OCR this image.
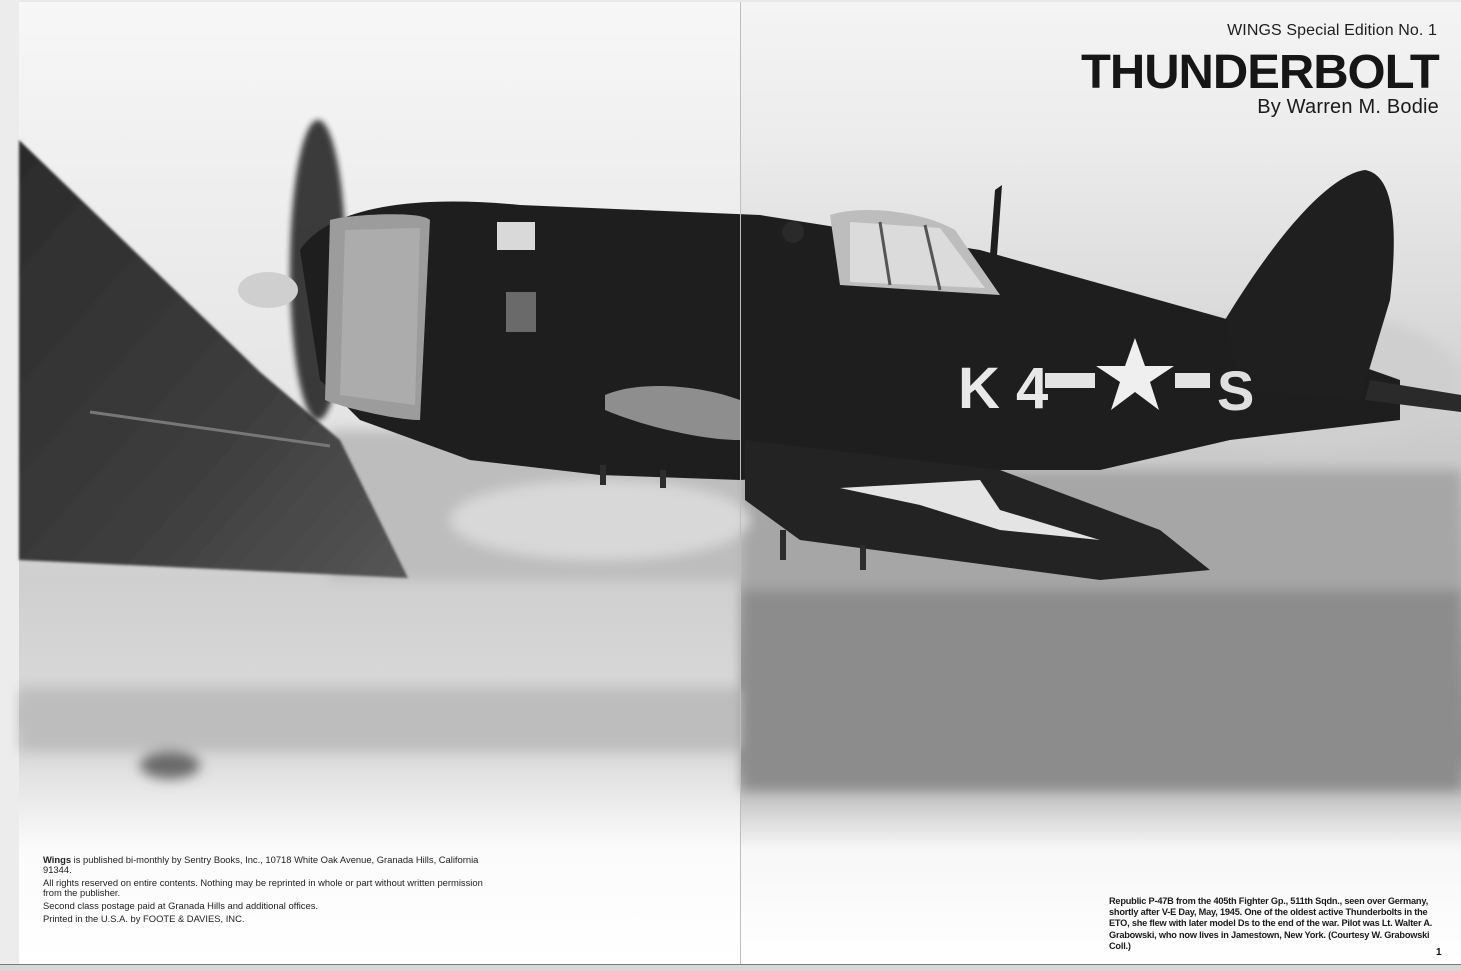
K 4	S
WINGS Special Edition No. 1
THUNDERBOLT
By Warren M. Bodie

Wings is published bi-monthly by Sentry Books, Inc., 10718 White Oak Avenue, Granada Hills, California 91344.

All rights reserved on entire contents. Nothing may be reprinted in whole or part without written permission from the publisher.

Second class postage paid at Granada Hills and additional offices.

Printed in the U.S.A. by FOOTE & DAVIES, INC.

Republic P-47B from the 405th Fighter Gp., 511th Sqdn., seen over Germany, shortly after V-E Day, May, 1945. One of the oldest active Thunderbolts in the ETO, she flew with later model Ds to the end of the war. Pilot was Lt. Walter A. Grabowski, who now lives in Jamestown, New York. (Courtesy W. Grabowski Coll.)
1
